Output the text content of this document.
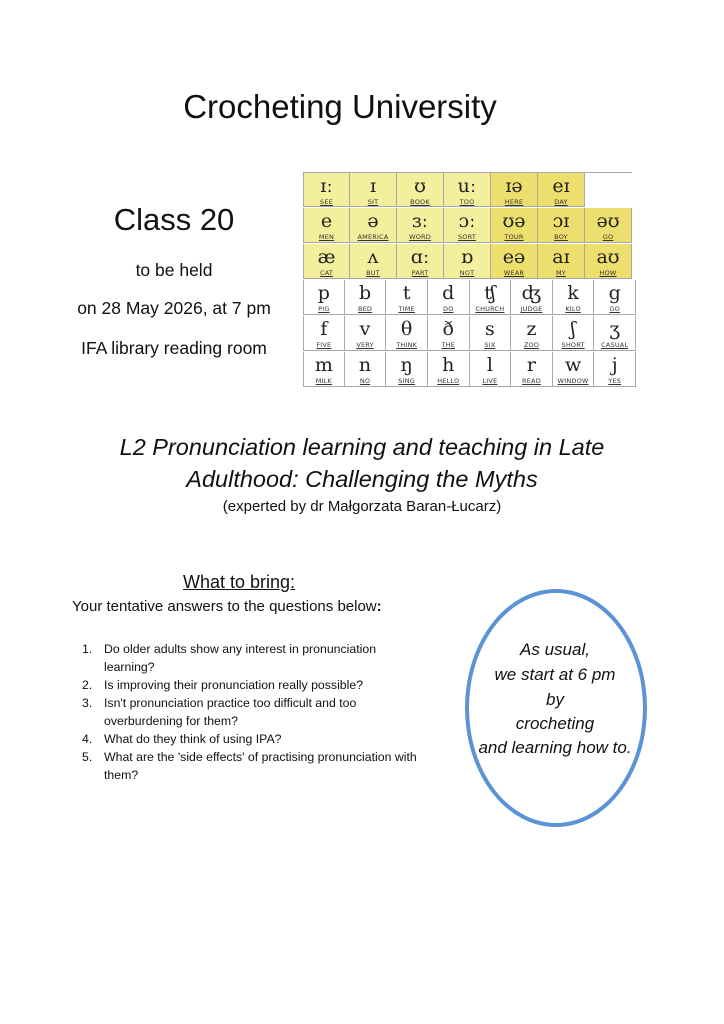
Crocheting University
Class 20
to be held
on 28 May 2026, at 7 pm
IFA library reading room
ɪː
SEE
ɪ
SIT
ʊ
BOOK
uː
TOO
ɪə
HERE
eɪ
DAY
e
MEN
ə
AMERICA
ɜː
WORD
ɔː
SORT
ʊə
TOUR
ɔɪ
BOY
əʊ
GO
æ
CAT
ʌ
BUT
ɑː
PART
ɒ
NOT
eə
WEAR
aɪ
MY
aʊ
HOW
p
PIG
b
BED
t
TIME
d
DO
ʧ
CHURCH
ʤ
JUDGE
k
KILO
g
GO
f
FIVE
v
VERY
θ
THINK
ð
THE
s
SIX
z
ZOO
ʃ
SHORT
ʒ
CASUAL
m
MILK
n
NO
ŋ
SING
h
HELLO
l
LIVE
r
READ
w
WINDOW
j
YES
L2 Pronunciation learning and teaching in Late
Adulthood: Challenging the Myths
(experted by dr Małgorzata Baran-Łucarz)
What to bring:
Your tentative answers to the questions below:
1. Do older adults show any interest in pronunciation learning?
2. Is improving their pronunciation really possible?
3. Isn't pronunciation practice too difficult and too overburdening for them?
4. What do they think of using IPA?
5. What are the 'side effects' of practising pronunciation with them?
As usual,
we start at 6 pm
by
crocheting
and learning how to.
